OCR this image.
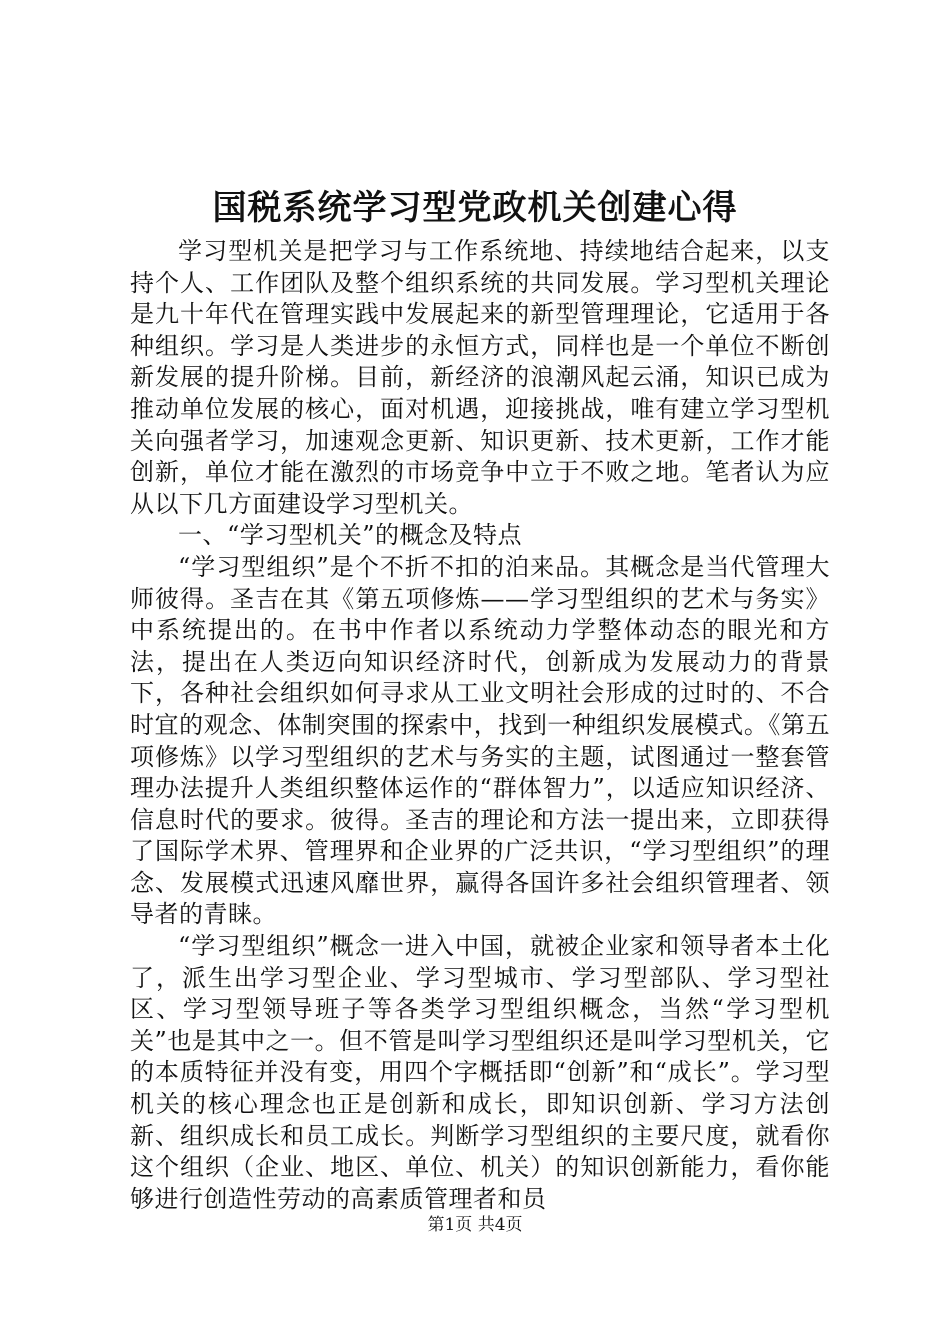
国税系统学习型党政机关创建心得

学习型机关是把学习与工作系统地、持续地结合起来，以支持个人、工作团队及整个组织系统的共同发展。学习型机关理论是九十年代在管理实践中发展起来的新型管理理论，它适用于各种组织。学习是人类进步的永恒方式，同样也是一个单位不断创新发展的提升阶梯。目前，新经济的浪潮风起云涌，知识已成为推动单位发展的核心，面对机遇，迎接挑战，唯有建立学习型机关向强者学习，加速观念更新、知识更新、技术更新，工作才能创新，单位才能在激烈的市场竞争中立于不败之地。笔者认为应从以下几方面建设学习型机关。

一、“学习型机关”的概念及特点

“学习型组织”是个不折不扣的泊来品。其概念是当代管理大师彼得。圣吉在其《第五项修炼——学习型组织的艺术与务实》中系统提出的。在书中作者以系统动力学整体动态的眼光和方法，提出在人类迈向知识经济时代，创新成为发展动力的背景下，各种社会组织如何寻求从工业文明社会形成的过时的、不合时宜的观念、体制突围的探索中，找到一种组织发展模式。《第五项修炼》以学习型组织的艺术与务实的主题，试图通过一整套管理办法提升人类组织整体运作的“群体智力”，以适应知识经济、信息时代的要求。彼得。圣吉的理论和方法一提出来，立即获得了国际学术界、管理界和企业界的广泛共识，“学习型组织”的理念、发展模式迅速风靡世界，赢得各国许多社会组织管理者、领导者的青睐。

“学习型组织”概念一进入中国，就被企业家和领导者本土化了，派生出学习型企业、学习型城市、学习型部队、学习型社区、学习型领导班子等各类学习型组织概念，当然“学习型机关”也是其中之一。但不管是叫学习型组织还是叫学习型机关，它的本质特征并没有变，用四个字概括即“创新”和“成长”。学习型机关的核心理念也正是创新和成长，即知识创新、学习方法创新、组织成长和员工成长。判断学习型组织的主要尺度，就看你这个组织（企业、地区、单位、机关）的知识创新能力，看你能够进行创造性劳动的高素质管理者和员

第1页 共4页
